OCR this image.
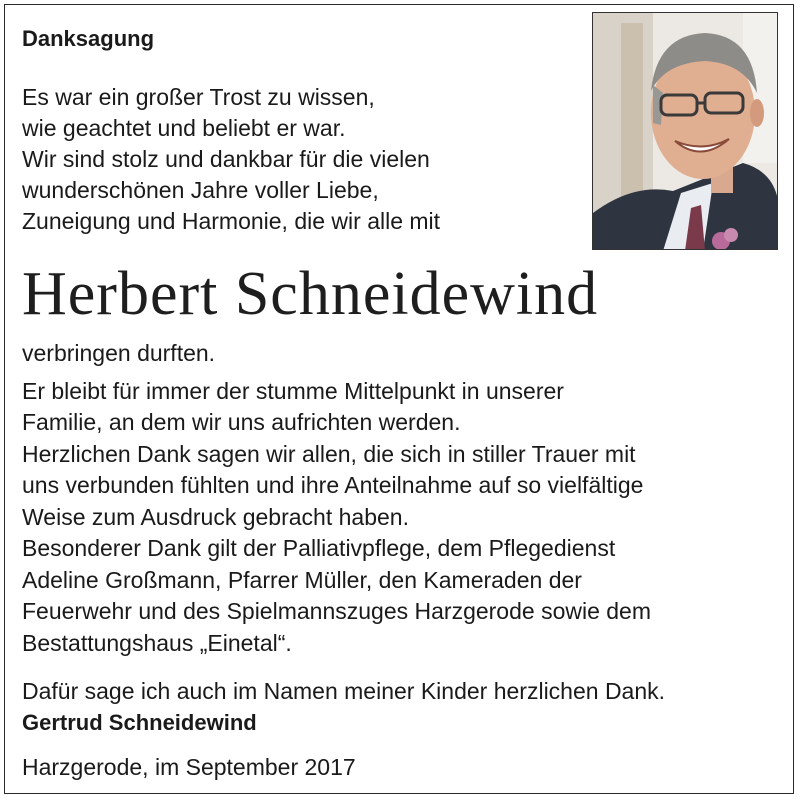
Danksagung
Es war ein großer Trost zu wissen,
wie geachtet und beliebt er war.
Wir sind stolz und dankbar für die vielen
wunderschönen Jahre voller Liebe,
Zuneigung und Harmonie, die wir alle mit
Herbert Schneidewind
verbringen durften.
Er bleibt für immer der stumme Mittelpunkt in unserer
Familie, an dem wir uns aufrichten werden.
Herzlichen Dank sagen wir allen, die sich in stiller Trauer mit
uns verbunden fühlten und ihre Anteilnahme auf so vielfältige
Weise zum Ausdruck gebracht haben.
Besonderer Dank gilt der Palliativpflege, dem Pflegedienst
Adeline Großmann, Pfarrer Müller, den Kameraden der
Feuerwehr und des Spielmannszuges Harzgerode sowie dem
Bestattungshaus „Einetal“.
Dafür sage ich auch im Namen meiner Kinder herzlichen Dank.
Gertrud Schneidewind
Harzgerode, im September 2017
